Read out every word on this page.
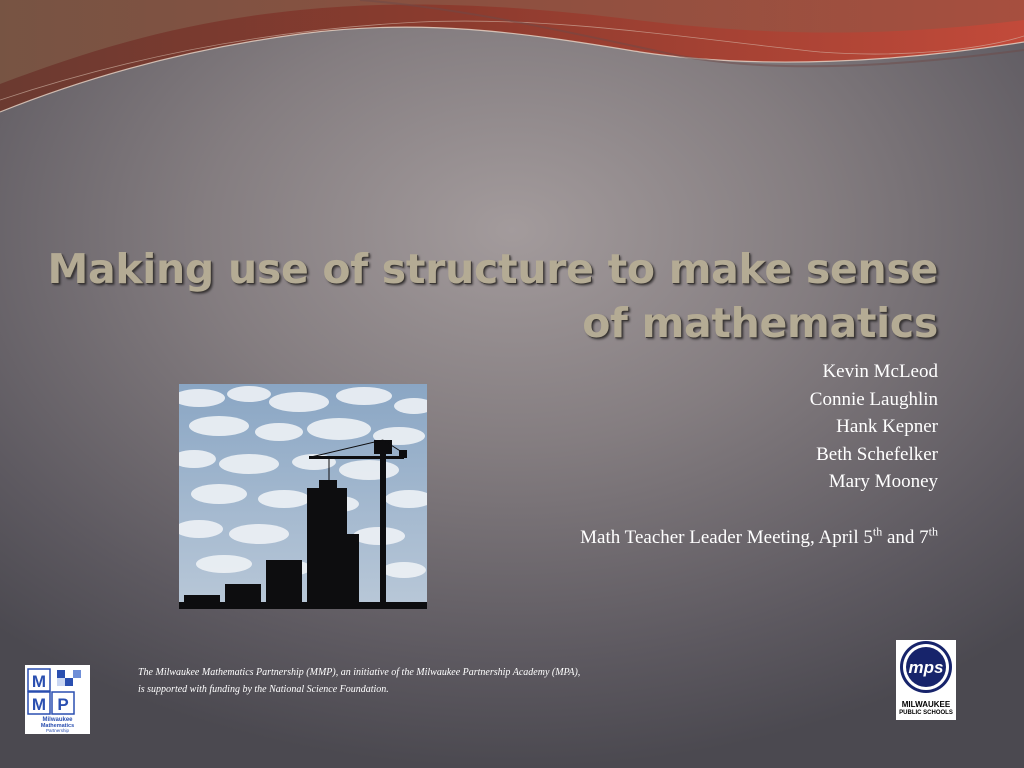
Making use of structure to make sense of mathematics
Kevin McLeod
Connie Laughlin
Hank Kepner
Beth Schefelker
Mary Mooney
Math Teacher Leader Meeting, April 5th and 7th
The Milwaukee Mathematics Partnership (MMP), an initiative of the Milwaukee Partnership Academy (MPA),
is supported with funding by the National Science Foundation.
M
M P
Milwaukee
Mathematics
Partnership
mps
MILWAUKEE
PUBLIC SCHOOLS
